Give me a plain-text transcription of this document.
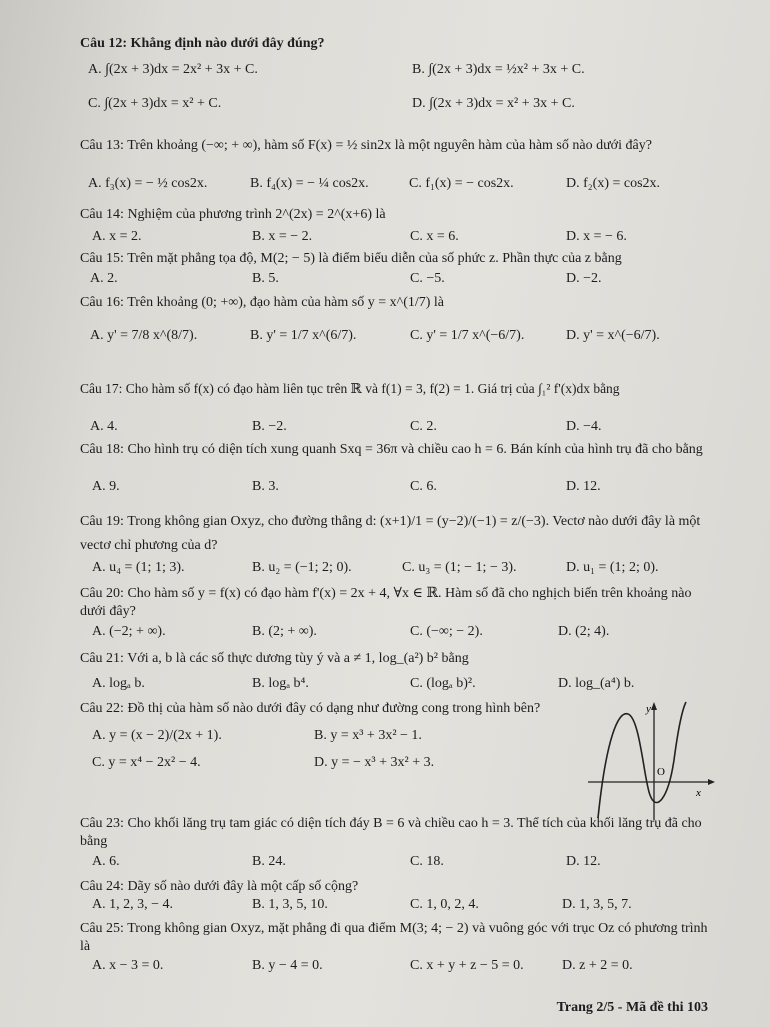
Câu 12: Khẳng định nào dưới đây đúng?
A. ∫(2x + 3)dx = 2x² + 3x + C.	B. ∫(2x + 3)dx = ½x² + 3x + C.
C. ∫(2x + 3)dx = x² + C.	D. ∫(2x + 3)dx = x² + 3x + C.
Câu 13: Trên khoảng (−∞; + ∞), hàm số F(x) = ½ sin2x là một nguyên hàm của hàm số nào dưới đây?
A. f₃(x) = − ½ cos2x.	B. f₄(x) = − ¼ cos2x.	C. f₁(x) = − cos2x.	D. f₂(x) = cos2x.
Câu 14: Nghiệm của phương trình 2^(2x) = 2^(x+6) là
A. x = 2.	B. x = − 2.	C. x = 6.	D. x = − 6.
Câu 15: Trên mặt phẳng tọa độ, M(2; − 5) là điểm biểu diễn của số phức z. Phần thực của z bằng
A. 2.	B. 5.	C. −5.	D. −2.
Câu 16: Trên khoảng (0; +∞), đạo hàm của hàm số y = x^(1/7) là
A. y' = 7/8 x^(8/7).	B. y' = 1/7 x^(6/7).	C. y' = 1/7 x^(−6/7).	D. y' = x^(−6/7).
Câu 17: Cho hàm số f(x) có đạo hàm liên tục trên ℝ và f(1) = 3, f(2) = 1. Giá trị của ∫₁² f'(x)dx bằng
A. 4.	B. −2.	C. 2.	D. −4.
Câu 18: Cho hình trụ có diện tích xung quanh Sxq = 36π và chiều cao h = 6. Bán kính của hình trụ đã cho bằng
A. 9.	B. 3.	C. 6.	D. 12.
Câu 19: Trong không gian Oxyz, cho đường thẳng d: (x+1)/1 = (y−2)/(−1) = z/(−3). Vectơ nào dưới đây là một vectơ chỉ phương của d?
A. u₄ = (1; 1; 3).	B. u₂ = (−1; 2; 0).	C. u₃ = (1; − 1; − 3).	D. u₁ = (1; 2; 0).
Câu 20: Cho hàm số y = f(x) có đạo hàm f'(x) = 2x + 4, ∀x ∈ ℝ. Hàm số đã cho nghịch biến trên khoảng nào dưới đây?
A. (−2; + ∞).	B. (2; + ∞).	C. (−∞; − 2).	D. (2; 4).
Câu 21: Với a, b là các số thực dương tùy ý và a ≠ 1, log_(a²) b² bằng
A. logₐ b.	B. logₐ b⁴.	C. (logₐ b)².	D. log_(a⁴) b.
Câu 22: Đồ thị của hàm số nào dưới đây có dạng như đường cong trong hình bên?
A. y = (x − 2)/(2x + 1).	B. y = x³ + 3x² − 1.
C. y = x⁴ − 2x² − 4.	D. y = − x³ + 3x² + 3.
y
x
O
Câu 23: Cho khối lăng trụ tam giác có diện tích đáy B = 6 và chiều cao h = 3. Thể tích của khối lăng trụ đã cho bằng
A. 6.	B. 24.	C. 18.	D. 12.
Câu 24: Dãy số nào dưới đây là một cấp số cộng?
A. 1, 2, 3, − 4.	B. 1, 3, 5, 10.	C. 1, 0, 2, 4.	D. 1, 3, 5, 7.
Câu 25: Trong không gian Oxyz, mặt phẳng đi qua điểm M(3; 4; − 2) và vuông góc với trục Oz có phương trình là
A. x − 3 = 0.	B. y − 4 = 0.	C. x + y + z − 5 = 0.	D. z + 2 = 0.
Trang 2/5 - Mã đề thi 103
